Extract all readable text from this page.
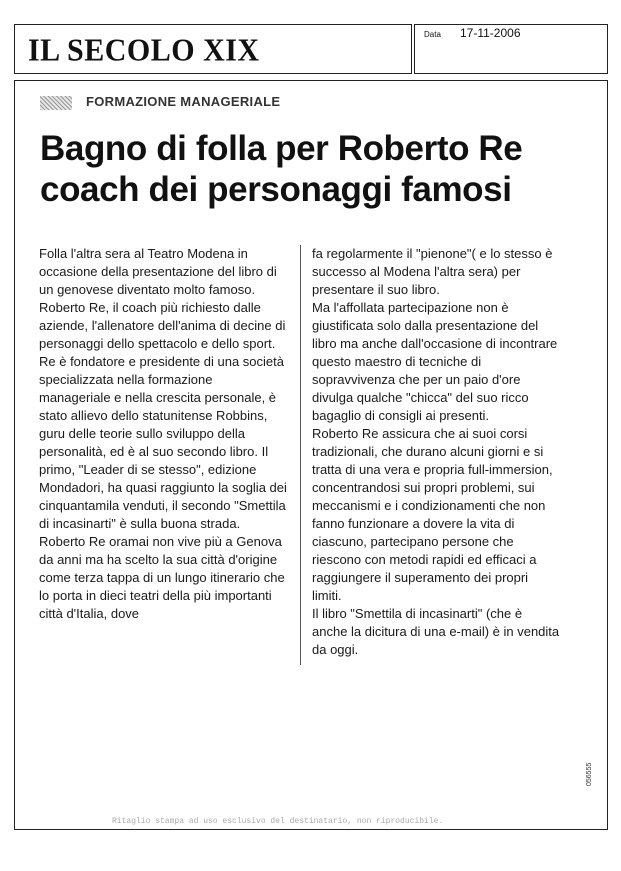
IL SECOLO XIX	Data 17-11-2006
FORMAZIONE MANAGERIALE
Bagno di folla per Roberto Re
coach dei personaggi famosi

Folla l'altra sera al Teatro Modena in occasione della presentazione del libro di un genovese diventato molto famoso. Roberto Re, il coach più richiesto dalle aziende, l'allenatore dell'anima di decine di personaggi dello spettacolo e dello sport.

Re è fondatore e presidente di una società specializzata nella formazione manageriale e nella crescita personale, è stato allievo dello statunitense Robbins, guru delle teorie sullo sviluppo della personalità, ed è al suo secondo libro. Il primo, "Leader di se stesso", edizione Mondadori, ha quasi raggiunto la soglia dei cinquantamila venduti, il secondo "Smettila di incasinarti" è sulla buona strada.

Roberto Re oramai non vive più a Genova da anni ma ha scelto la sua città d'origine come terza tappa di un lungo itinerario che lo porta in dieci teatri della più importanti città d'Italia, dove

fa regolarmente il "pienone"( e lo stesso è successo al Modena l'altra sera) per presentare il suo libro.

Ma l'affollata partecipazione non è giustificata solo dalla presentazione del libro ma anche dall'occasione di incontrare questo maestro di tecniche di sopravvivenza che per un paio d'ore divulga qualche "chicca" del suo ricco bagaglio di consigli ai presenti.

Roberto Re assicura che ai suoi corsi tradizionali, che durano alcuni giorni e si tratta di una vera e propria full-immersion, concentrandosi sui propri problemi, sui meccanismi e i condizionamenti che non fanno funzionare a dovere la vita di ciascuno, partecipano persone che riescono con metodi rapidi ed efficaci a raggiungere il superamento dei propri limiti.

Il libro "Smettila di incasinarti" (che è anche la dicitura di una e-mail) è in vendita da oggi.

Ritaglio stampa ad uso esclusivo del destinatario, non riproducibile.
056555
